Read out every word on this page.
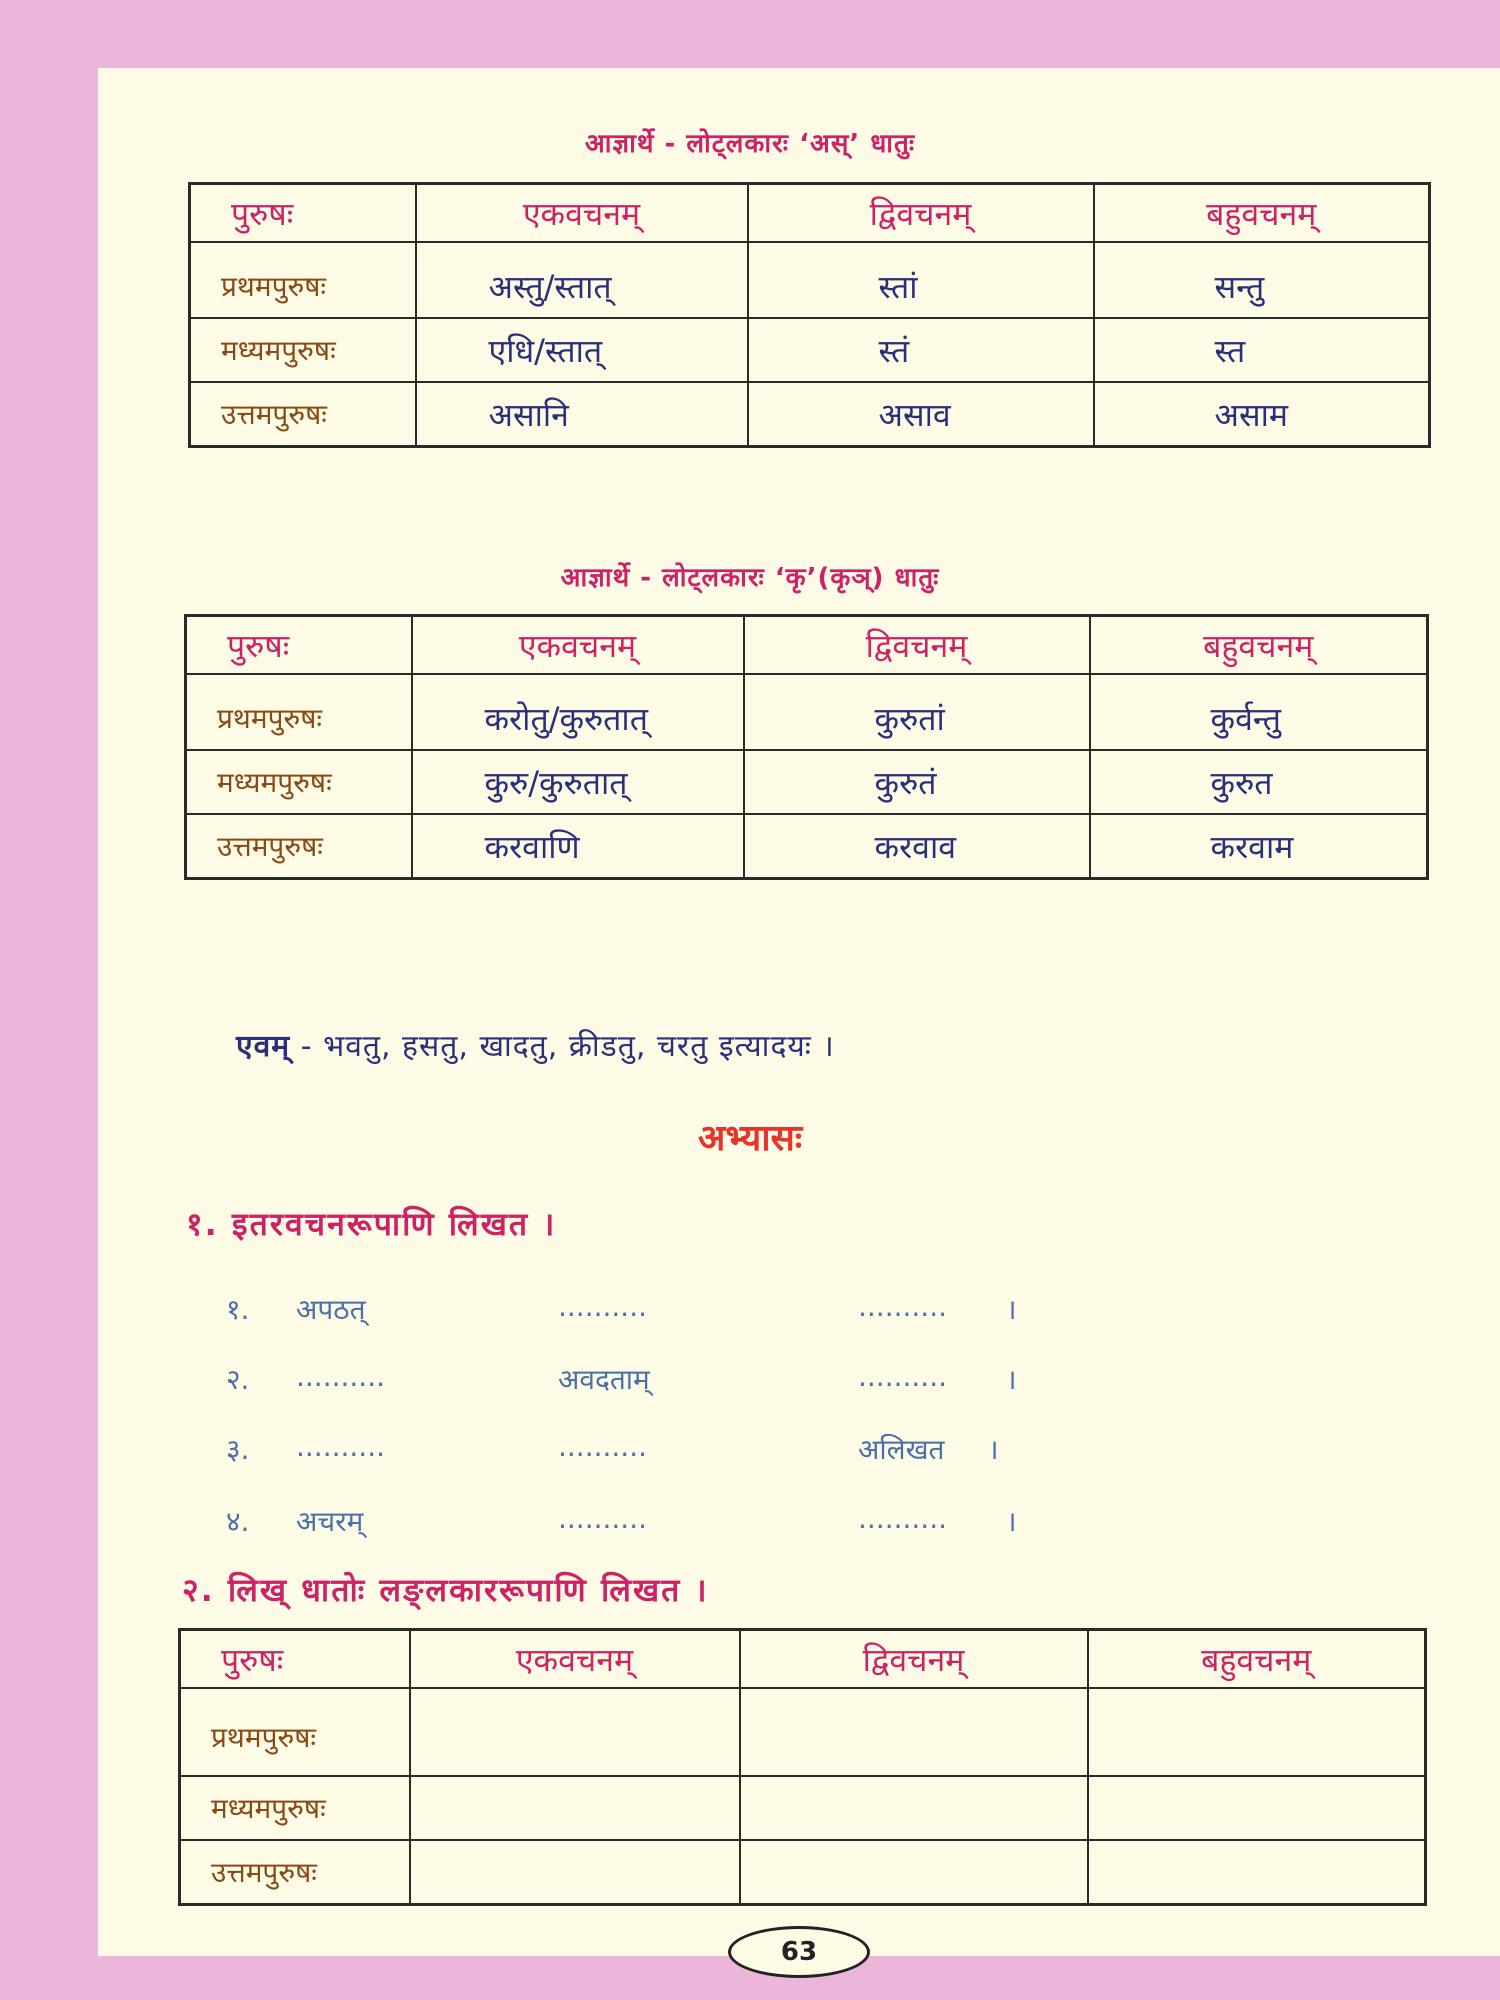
आज्ञार्थे - लोट्लकारः ‘अस्’ धातुः
पुरुषः	एकवचनम्	द्विवचनम्	बहुवचनम्
प्रथमपुरुषः	अस्तु/स्तात्	स्तां	सन्तु
मध्यमपुरुषः	एधि/स्तात्	स्तं	स्त
उत्तमपुरुषः	असानि	असाव	असाम
आज्ञार्थे - लोट्लकारः ‘कृ’(कृञ्) धातुः
पुरुषः	एकवचनम्	द्विवचनम्	बहुवचनम्
प्रथमपुरुषः	करोतु/कुरुतात्	कुरुतां	कुर्वन्तु
मध्यमपुरुषः	कुरु/कुरुतात्	कुरुतं	कुरुत
उत्तमपुरुषः	करवाणि	करवाव	करवाम
एवम् - भवतु, हसतु, खादतु, क्रीडतु, चरतु इत्यादयः ।
अभ्यासः
१. इतरवचनरूपाणि लिखत ।
१. अपठत्	..........	.......... ।
२. ..........	अवदताम्	.......... ।
३. ..........	..........	अलिखत ।
४. अचरम्	..........	.......... ।
२. लिख् धातोः लङ्लकाररूपाणि लिखत ।
पुरुषः	एकवचनम्	द्विवचनम्	बहुवचनम्
प्रथमपुरुषः			
मध्यमपुरुषः			
उत्तमपुरुषः			
63
